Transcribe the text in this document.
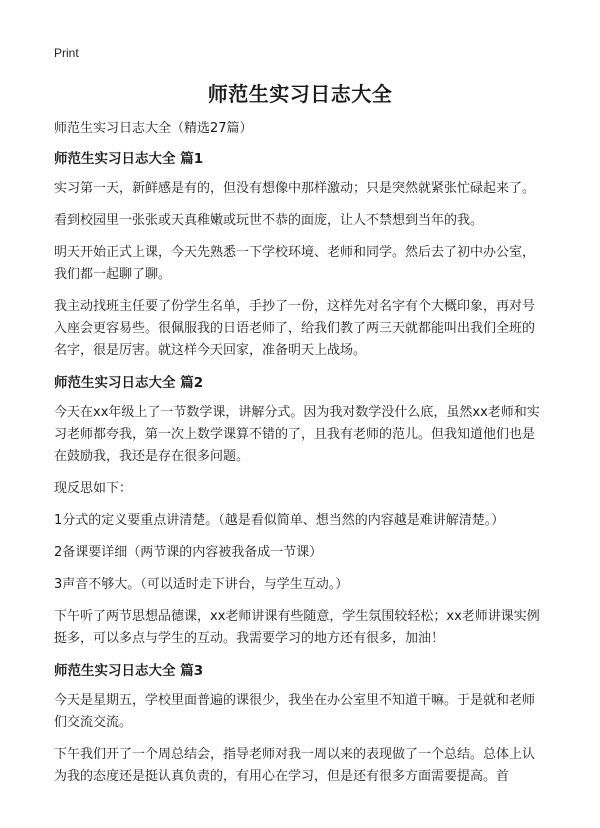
Print
师范生实习日志大全

师范生实习日志大全（精选27篇）

师范生实习日志大全 篇1

实习第一天，新鲜感是有的，但没有想像中那样激动；只是突然就紧张忙碌起来了。

看到校园里一张张或天真稚嫩或玩世不恭的面庞，让人不禁想到当年的我。

明天开始正式上课，今天先熟悉一下学校环境、老师和同学。然后去了初中办公室，我们都一起聊了聊。

我主动找班主任要了份学生名单，手抄了一份，这样先对名字有个大概印象，再对号入座会更容易些。很佩服我的日语老师了，给我们教了两三天就都能叫出我们全班的名字，很是厉害。就这样今天回家，准备明天上战场。

师范生实习日志大全 篇2

今天在xx年级上了一节数学课，讲解分式。因为我对数学没什么底，虽然xx老师和实习老师都夸我，第一次上数学课算不错的了，且我有老师的范儿。但我知道他们也是在鼓励我，我还是存在很多问题。

现反思如下：

1分式的定义要重点讲清楚。（越是看似简单、想当然的内容越是难讲解清楚。）

2备课要详细（两节课的内容被我备成一节课）

3声音不够大。（可以适时走下讲台，与学生互动。）

下午听了两节思想品德课，xx老师讲课有些随意，学生氛围较轻松；xx老师讲课实例挺多，可以多点与学生的互动。我需要学习的地方还有很多，加油！

师范生实习日志大全 篇3

今天是星期五，学校里面普遍的课很少，我坐在办公室里不知道干嘛。于是就和老师们交流交流。

下午我们开了一个周总结会，指导老师对我一周以来的表现做了一个总结。总体上认为我的态度还是挺认真负责的，有用心在学习，但是还有很多方面需要提高。首
